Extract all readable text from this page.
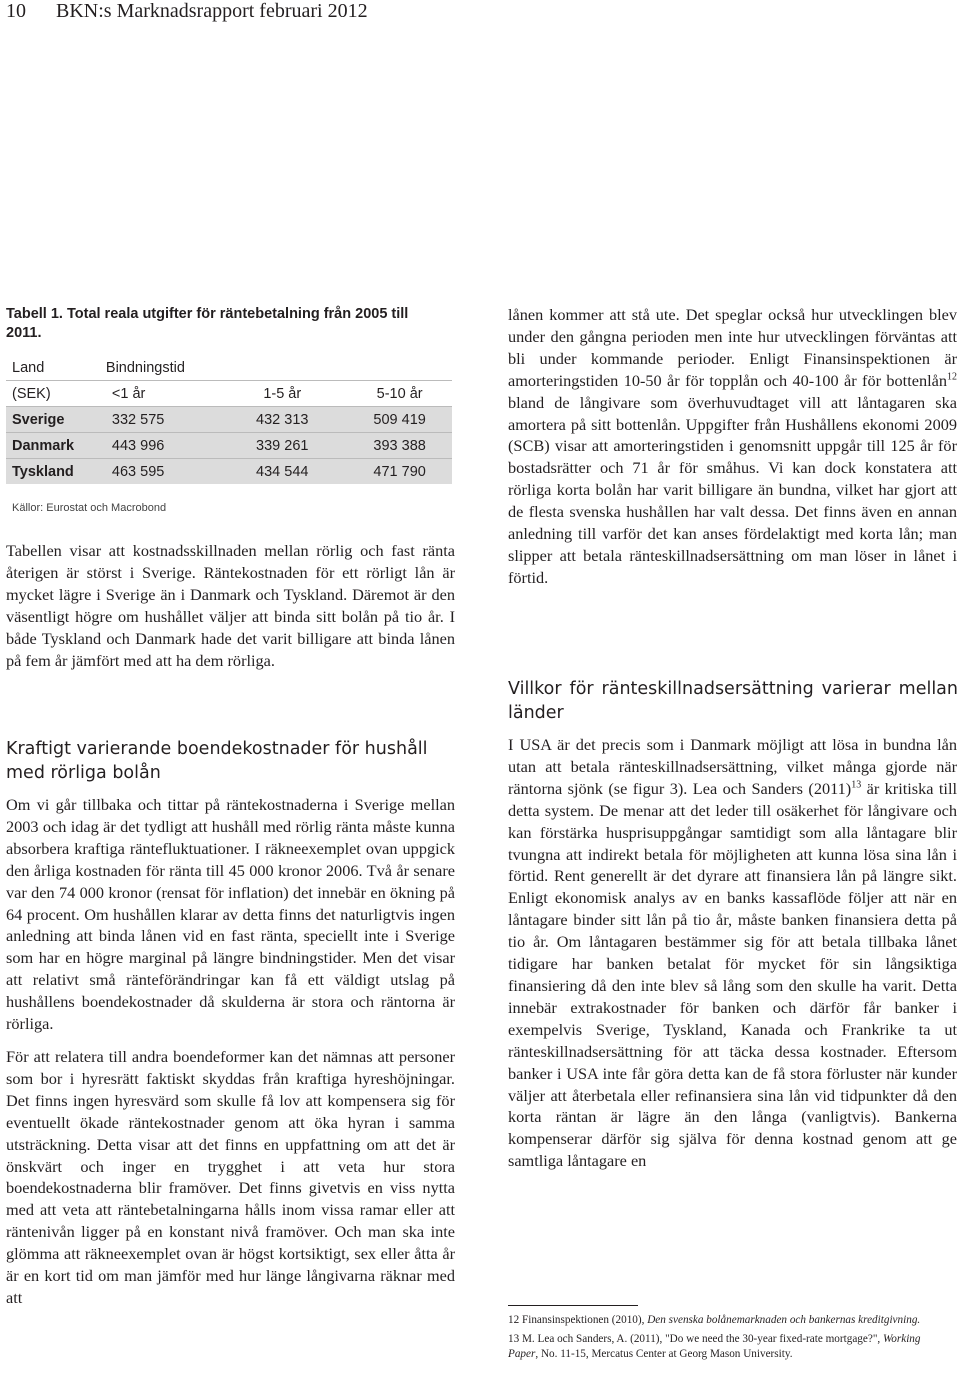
10 BKN:s Marknadsrapport februari 2012
Tabell 1. Total reala utgifter för räntebetalning från 2005 till 2011.
Land	Bindningstid		
(SEK)	<1 år	1-5 år	5-10 år
Sverige	332 575	432 313	509 419
Danmark	443 996	339 261	393 388
Tyskland	463 595	434 544	471 790
Källor: Eurostat och Macrobond

Tabellen visar att kostnadsskillnaden mellan rörlig och fast ränta återigen är störst i Sverige. Räntekostnaden för ett rörligt lån är mycket lägre i Sverige än i Danmark och Tyskland. Däremot är den väsentligt högre om hushållet väljer att binda sitt bolån på tio år. I både Tyskland och Danmark hade det varit billigare att binda lånen på fem år jämfört med att ha dem rörliga.

Kraftigt varierande boendekostnader för hushåll med rörliga bolån

Om vi går tillbaka och tittar på räntekostnaderna i Sverige mellan 2003 och idag är det tydligt att hushåll med rörlig ränta måste kunna absorbera kraftiga räntefluktuationer. I räkneexemplet ovan uppgick den årliga kostnaden för ränta till 45 000 kronor 2006. Två år senare var den 74 000 kronor (rensat för inflation) det innebär en ökning på 64 procent. Om hushållen klarar av detta finns det naturligtvis ingen anledning att binda lånen vid en fast ränta, speciellt inte i Sverige som har en högre marginal på längre bindningstider. Men det visar att relativt små ränteförändringar kan få ett väldigt utslag på hushållens boendekostnader då skulderna är stora och räntorna är rörliga.

För att relatera till andra boendeformer kan det nämnas att personer som bor i hyresrätt faktiskt skyddas från kraftiga hyreshöjningar. Det finns ingen hyresvärd som skulle få lov att kompensera sig för eventuellt ökade räntekostnader genom att öka hyran i samma utsträckning. Detta visar att det finns en uppfattning om att det är önskvärt och inger en trygghet i att veta hur stora boendekostnaderna blir framöver. Det finns givetvis en viss nytta med att veta att räntebetalningarna hålls inom vissa ramar eller att räntenivån ligger på en konstant nivå framöver. Och man ska inte glömma att räkneexemplet ovan är högst kortsiktigt, sex eller åtta år är en kort tid om man jämför med hur länge långivarna räknar med att

lånen kommer att stå ute. Det speglar också hur utvecklingen blev under den gångna perioden men inte hur utvecklingen förväntas att bli under kommande perioder. Enligt Finansinspektionen är amorteringstiden 10-50 år för topplån och 40-100 år för bottenlån$^{12}$ bland de långivare som överhuvudtaget vill att låntagaren ska amortera på sitt bottenlån. Uppgifter från Hushållens ekonomi 2009 (SCB) visar att amorteringstiden i genomsnitt uppgår till 125 år för bostadsrätter och 71 år för småhus. Vi kan dock konstatera att rörliga korta bolån har varit billigare än bundna, vilket har gjort att de flesta svenska hushållen har valt dessa. Det finns även en annan anledning till varför det kan anses fördelaktigt med korta lån; man slipper att betala ränteskillnadsersättning om man löser in lånet i förtid.

Villkor för ränteskillnadsersättning varierar mellan länder

I USA är det precis som i Danmark möjligt att lösa in bundna lån utan att betala ränteskillnadsersättning, vilket många gjorde när räntorna sjönk (se figur 3). Lea och Sanders $(2011)^{13}$ är kritiska till detta system. De menar att det leder till osäkerhet för långivare och kan förstärka husprisuppgångar samtidigt som alla låntagare blir tvungna att indirekt betala för möjligheten att kunna lösa sina lån i förtid. Rent generellt är det dyrare att finansiera lån på längre sikt. Enligt ekonomisk analys av en banks kassaflöde följer att när en låntagare binder sitt lån på tio år, måste banken finansiera detta på tio år. Om låntagaren bestämmer sig för att betala tillbaka lånet tidigare har banken betalat för mycket för sin långsiktiga finansiering då den inte blev så lång som den skulle ha varit. Detta innebär extrakostnader för banken och därför får banker i exempelvis Sverige, Tyskland, Kanada och Frankrike ta ut ränteskillnadsersättning för att täcka dessa kostnader. Eftersom banker i USA inte får göra detta kan de få stora förluster när kunder väljer att återbetala eller refinansiera sina lån vid tidpunkter då den korta räntan är lägre än den långa (vanligtvis). Bankerna kompenserar därför sig själva för denna kostnad genom att ge samtliga låntagare en

12 Finansinspektionen (2010), Den svenska bolånemarknaden och bankernas kreditgivning.

13 M. Lea och Sanders, A. (2011), "Do we need the 30-year fixed-rate mortgage?", Working Paper, No. 11-15, Mercatus Center at Georg Mason University.
